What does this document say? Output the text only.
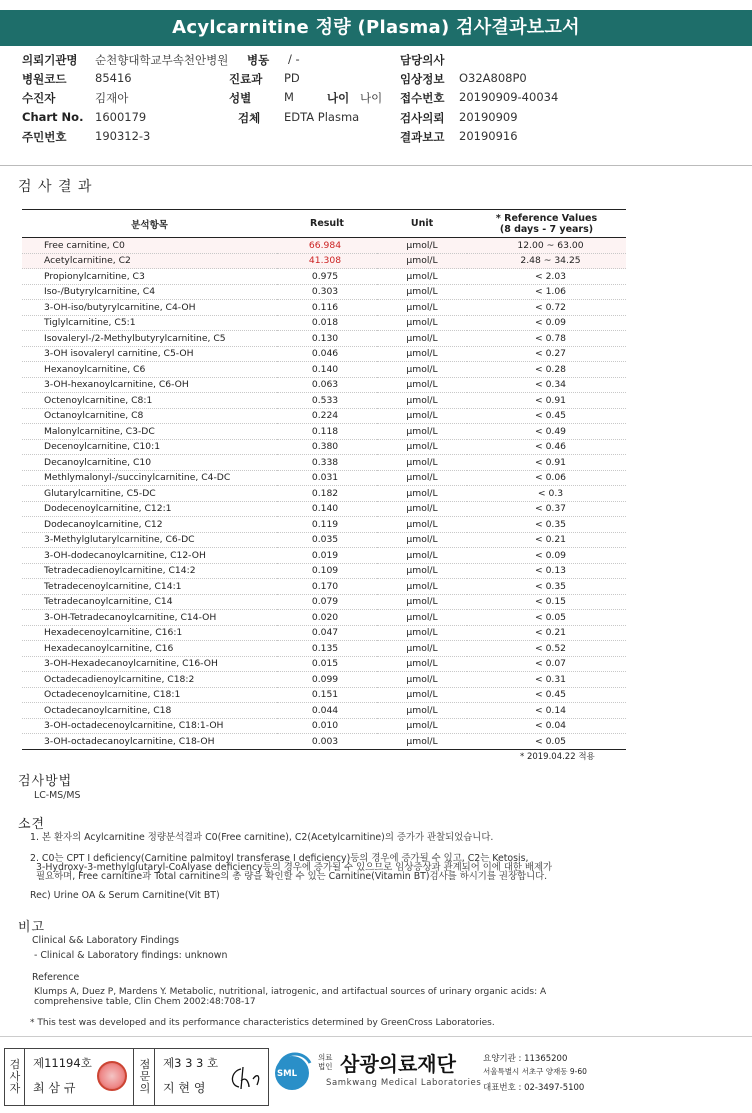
Acylcarnitine 정량 (Plasma) 검사결과보고서
의뢰기관명 순천향대학교부속천안병원 병동 / -	담당의사
병원코드 85416	진료과 PD	임상정보 O32A808P0
수진자	김재아	성별	M	나이 나이 접수번호 20190909-40034
Chart No. 1600179	검체 EDTA Plasma	검사의뢰 20190909
주민번호 190312-3	결과보고 20190916
검 사 결 과
분석항목	Result	Unit	* Reference Values
(8 days - 7 years)

Free carnitine, C0	66.984	μmol/L	12.00 ~ 63.00
Acetylcarnitine, C2	41.308	μmol/L	2.48 ~ 34.25
Propionylcarnitine, C3	0.975	μmol/L	< 2.03
Iso-/Butyrylcarnitine, C4	0.303	μmol/L	< 1.06
3-OH-iso/butyrylcarnitine, C4-OH	0.116	μmol/L	< 0.72
Tiglylcarnitine, C5:1	0.018	μmol/L	< 0.09
Isovaleryl-/2-Methylbutyrylcarnitine, C5	0.130	μmol/L	< 0.78
3-OH isovaleryl carnitine, C5-OH	0.046	μmol/L	< 0.27
Hexanoylcarnitine, C6	0.140	μmol/L	< 0.28
3-OH-hexanoylcarnitine, C6-OH	0.063	μmol/L	< 0.34
Octenoylcarnitine, C8:1	0.533	μmol/L	< 0.91
Octanoylcarnitine, C8	0.224	μmol/L	< 0.45
Malonylcarnitine, C3-DC	0.118	μmol/L	< 0.49
Decenoylcarnitine, C10:1	0.380	μmol/L	< 0.46
Decanoylcarnitine, C10	0.338	μmol/L	< 0.91
Methlymalonyl-/succinylcarnitine, C4-DC	0.031	μmol/L	< 0.06
Glutarylcarnitine, C5-DC	0.182	μmol/L	< 0.3
Dodecenoylcarnitine, C12:1	0.140	μmol/L	< 0.37
Dodecanoylcarnitine, C12	0.119	μmol/L	< 0.35
3-Methylglutarylcarnitine, C6-DC	0.035	μmol/L	< 0.21
3-OH-dodecanoylcarnitine, C12-OH	0.019	μmol/L	< 0.09
Tetradecadienoylcarnitine, C14:2	0.109	μmol/L	< 0.13
Tetradecenoylcarnitine, C14:1	0.170	μmol/L	< 0.35
Tetradecanoylcarnitine, C14	0.079	μmol/L	< 0.15
3-OH-Tetradecanoylcarnitine, C14-OH	0.020	μmol/L	< 0.05
Hexadecenoylcarnitine, C16:1	0.047	μmol/L	< 0.21
Hexadecanoylcarnitine, C16	0.135	μmol/L	< 0.52
3-OH-Hexadecanoylcarnitine, C16-OH	0.015	μmol/L	< 0.07
Octadecadienoylcarnitine, C18:2	0.099	μmol/L	< 0.31
Octadecenoylcarnitine, C18:1	0.151	μmol/L	< 0.45
Octadecanoylcarnitine, C18	0.044	μmol/L	< 0.14
3-OH-octadecenoylcarnitine, C18:1-OH	0.010	μmol/L	< 0.04
3-OH-octadecanoylcarnitine, C18-OH	0.003	μmol/L	< 0.05
* 2019.04.22 적용
검사방법
LC-MS/MS
소견
1. 본 환자의 Acylcarnitine 정량분석결과 C0(Free carnitine), C2(Acetylcarnitine)의 증가가 관찰되었습니다.
2. C0는 CPT I deficiency(Carnitine palmitoyl transferase I deficiency)등의 경우에 증가될 수 있고, C2는 Ketosis,
3-Hydroxy-3-methylglutaryl-CoAlyase deficiency등의 경우에 증가될 수 있으므로 임상증상과 관계되어 이에 대한 배제가
필요하며, Free carnitine과 Total carnitine의 총 량을 확인할 수 있는 Carnitine(Vitamin BT)검사를 하시기를 권장합니다.
Rec) Urine OA & Serum Carnitine(Vit BT)
비고
Clinical && Laboratory Findings
- Clinical & Laboratory findings: unknown
Reference
Klumps A, Duez P, Mardens Y. Metabolic, nutritional, iatrogenic, and artifactual sources of urinary organic acids: A
comprehensive table, Clin Chem 2002:48:708-17
* This test was developed and its performance characteristics determined by GreenCross Laboratories.
검사자
제11194호
최 삼 규
점문의
제3 3 3 호
지 현 영
SML
의료
법인 삼광의료재단
Samkwang Medical Laboratories
요양기관 : 11365200
서울특별시 서초구 양재동 9-60
대표번호 : 02-3497-5100
